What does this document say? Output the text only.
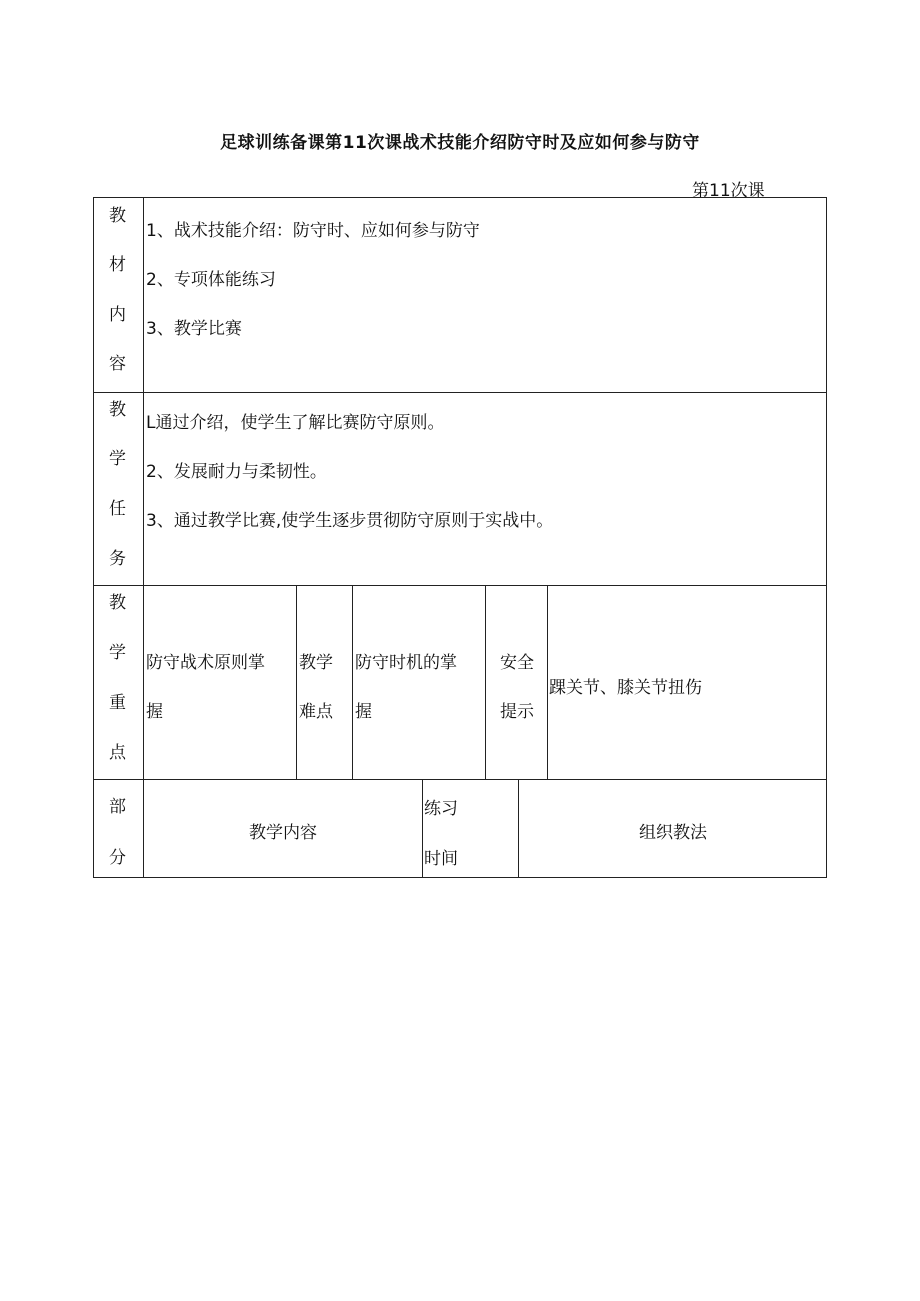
足球训练备课第11次课战术技能介绍防守时及应如何参与防守
第11次课
教
材
内
容
1、战术技能介绍：防守时、应如何参与防守
2、专项体能练习
3、教学比赛
教
学
任
务
L通过介绍，使学生了解比赛防守原则。
2、发展耐力与柔韧性。
3、通过教学比赛,使学生逐步贯彻防守原则于实战中。
教
学
重
点
防守战术原则掌
握
教学
难点
防守时机的掌
握
安全
提示
踝关节、膝关节扭伤
部
分
教学内容
练习
时间
组织教法
